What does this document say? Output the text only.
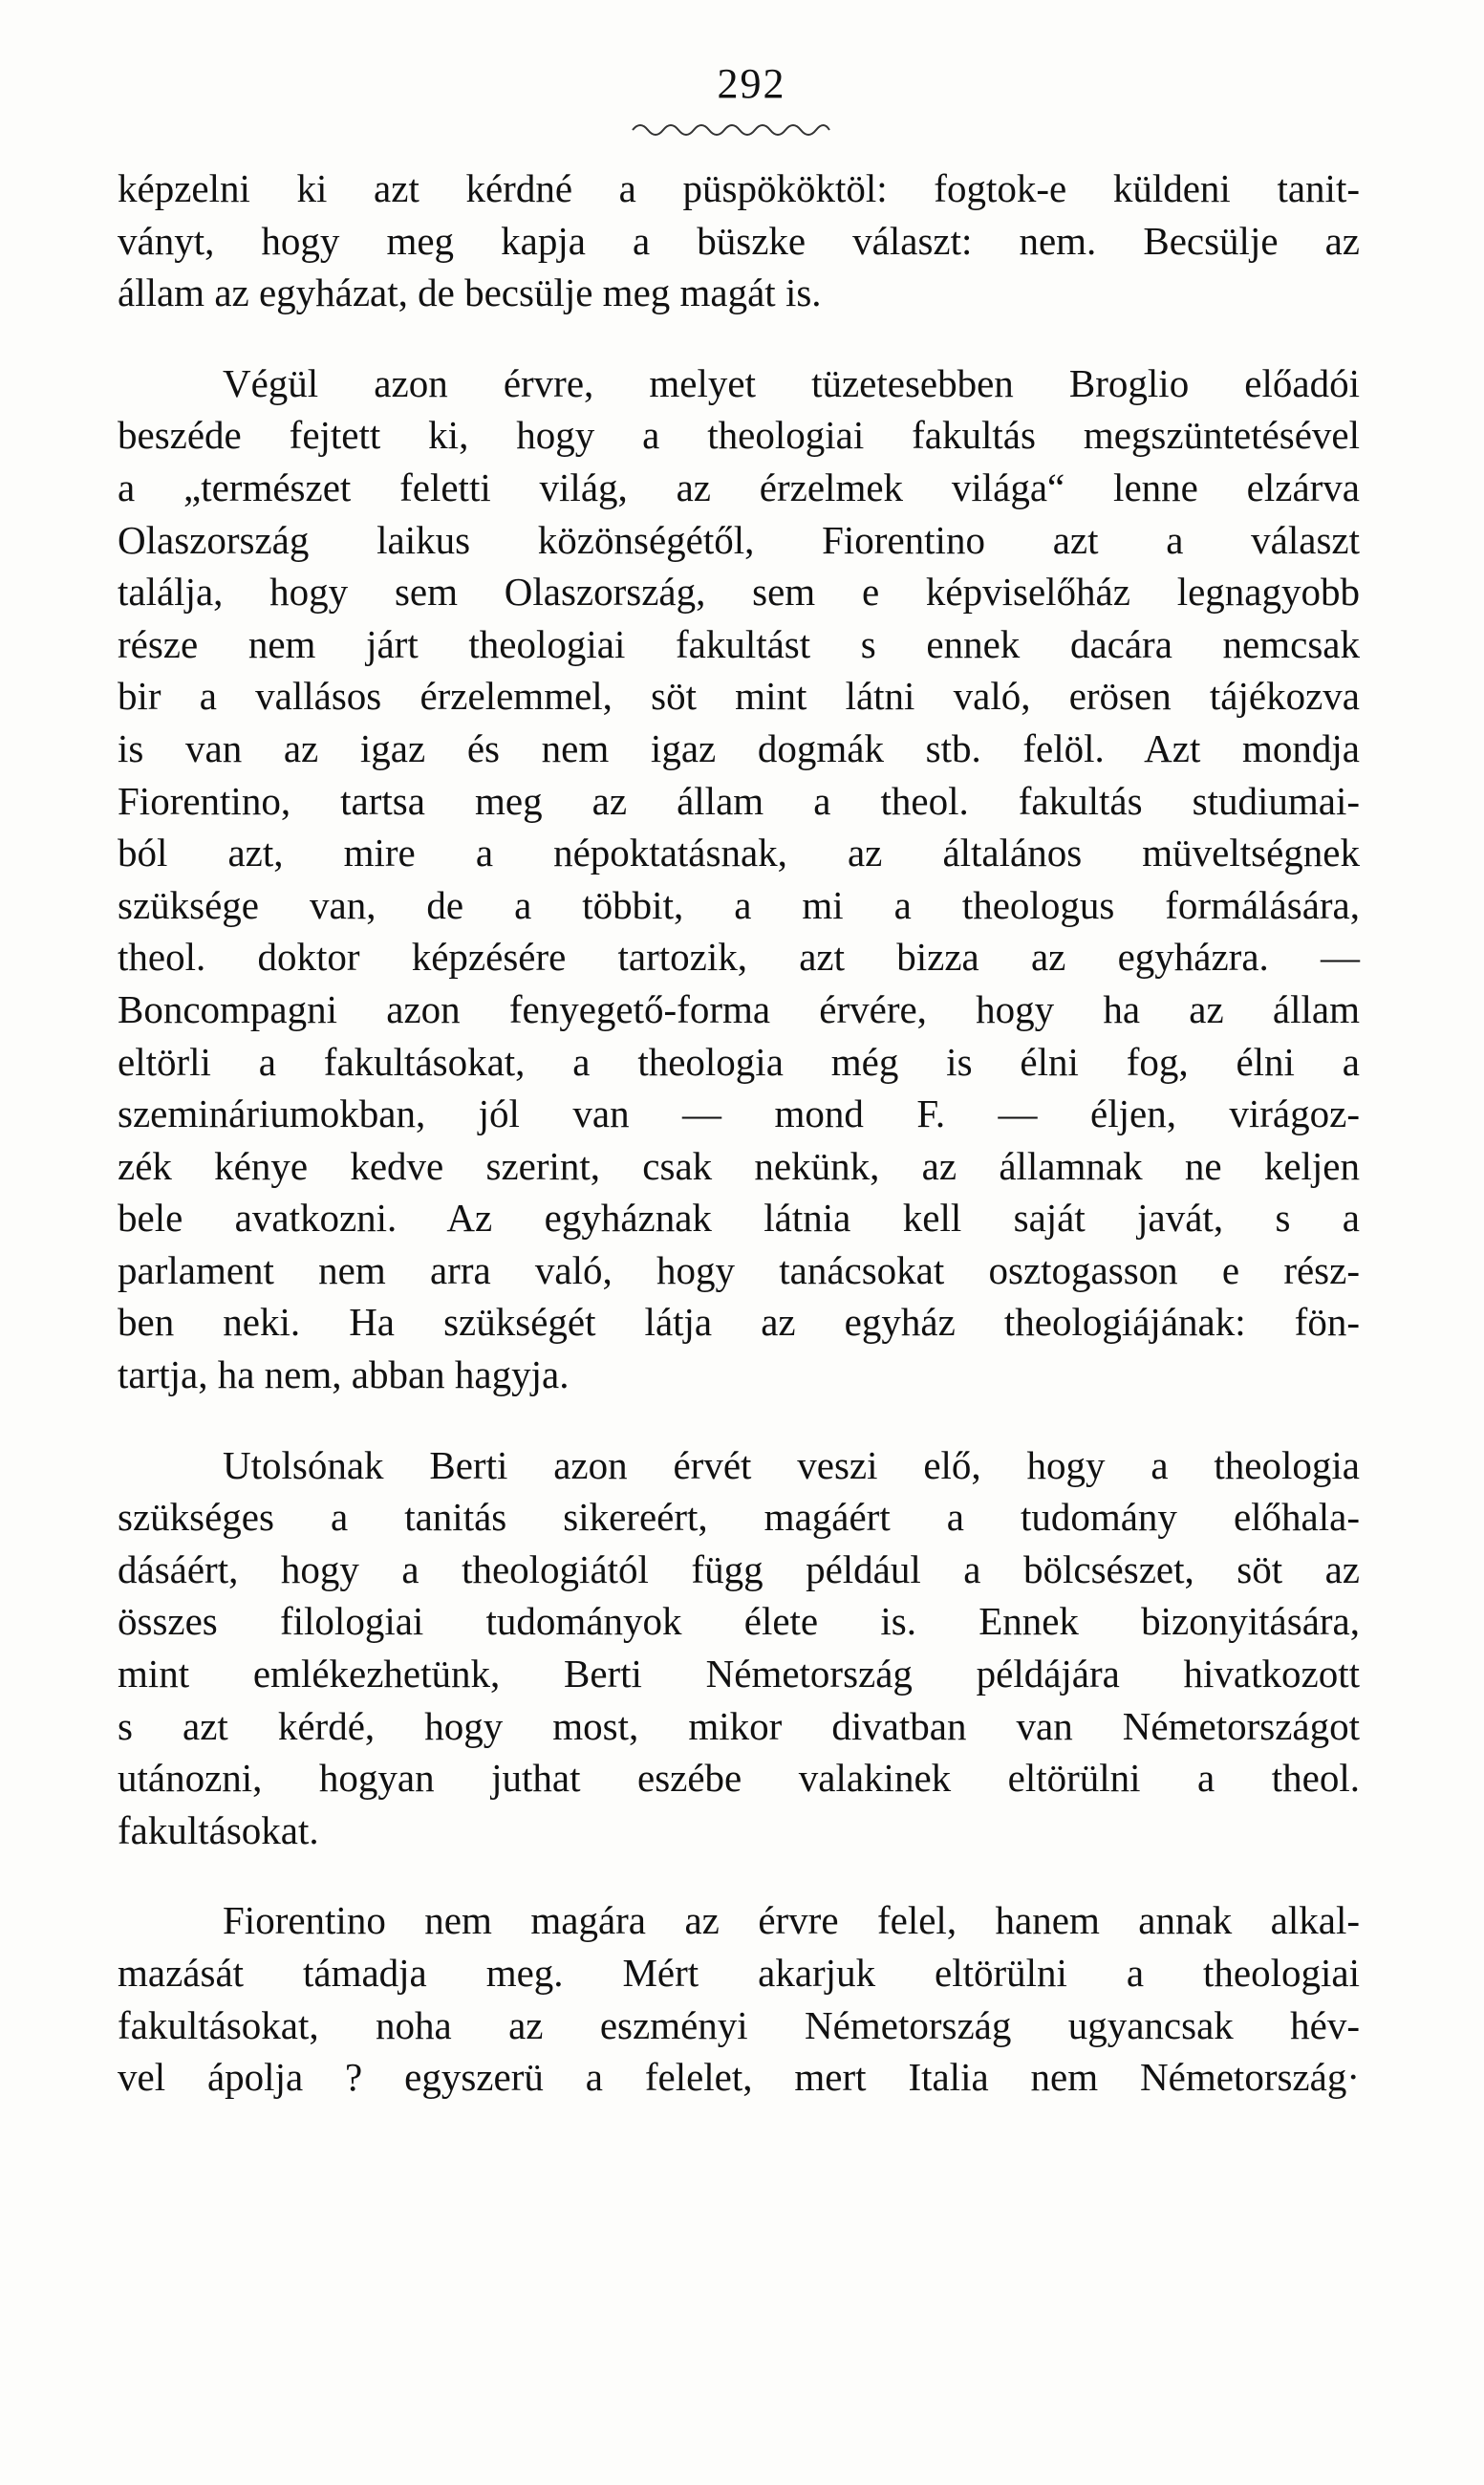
292

képzelni ki azt kérdné a püspököktöl: fogtok-e küldeni tanit-
ványt, hogy meg kapja a büszke választ: nem. Becsülje az
állam az egyházat, de becsülje meg magát is.

Végül azon érvre, melyet tüzetesebben Broglio előadói
beszéde fejtett ki, hogy a theologiai fakultás megszüntetésével
a „természet feletti világ, az érzelmek világa“ lenne elzárva
Olaszország laikus közönségétől, Fiorentino azt a választ
találja, hogy sem Olaszország, sem e képviselőház legnagyobb
része nem járt theologiai fakultást s ennek dacára nemcsak
bir a vallásos érzelemmel, söt mint látni való, erösen tájékozva
is van az igaz és nem igaz dogmák stb. felöl. Azt mondja
Fiorentino, tartsa meg az állam a theol. fakultás studiumai-
ból azt, mire a népoktatásnak, az általános müveltségnek
szüksége van, de a többit, a mi a theologus formálására,
theol. doktor képzésére tartozik, azt bizza az egyházra. —
Boncompagni azon fenyegető-forma érvére, hogy ha az állam
eltörli a fakultásokat, a theologia még is élni fog, élni a
szemináriumokban, jól van — mond F. — éljen, virágoz-
zék kénye kedve szerint, csak nekünk, az államnak ne keljen
bele avatkozni. Az egyháznak látnia kell saját javát, s a
parlament nem arra való, hogy tanácsokat osztogasson e rész-
ben neki. Ha szükségét látja az egyház theologiájának: fön-
tartja, ha nem, abban hagyja.

Utolsónak Berti azon érvét veszi elő, hogy a theologia
szükséges a tanitás sikereért, magáért a tudomány előhala-
dásáért, hogy a theologiától függ például a bölcsészet, söt az
összes filologiai tudományok élete is. Ennek bizonyitására,
mint emlékezhetünk, Berti Németország példájára hivatkozott
s azt kérdé, hogy most, mikor divatban van Németországot
utánozni, hogyan juthat eszébe valakinek eltörülni a theol.
fakultásokat.

Fiorentino nem magára az érvre felel, hanem annak alkal-
mazását támadja meg. Mért akarjuk eltörülni a theologiai
fakultásokat, noha az eszményi Németország ugyancsak hév-
vel ápolja ? egyszerü a felelet, mert Italia nem Németország·
